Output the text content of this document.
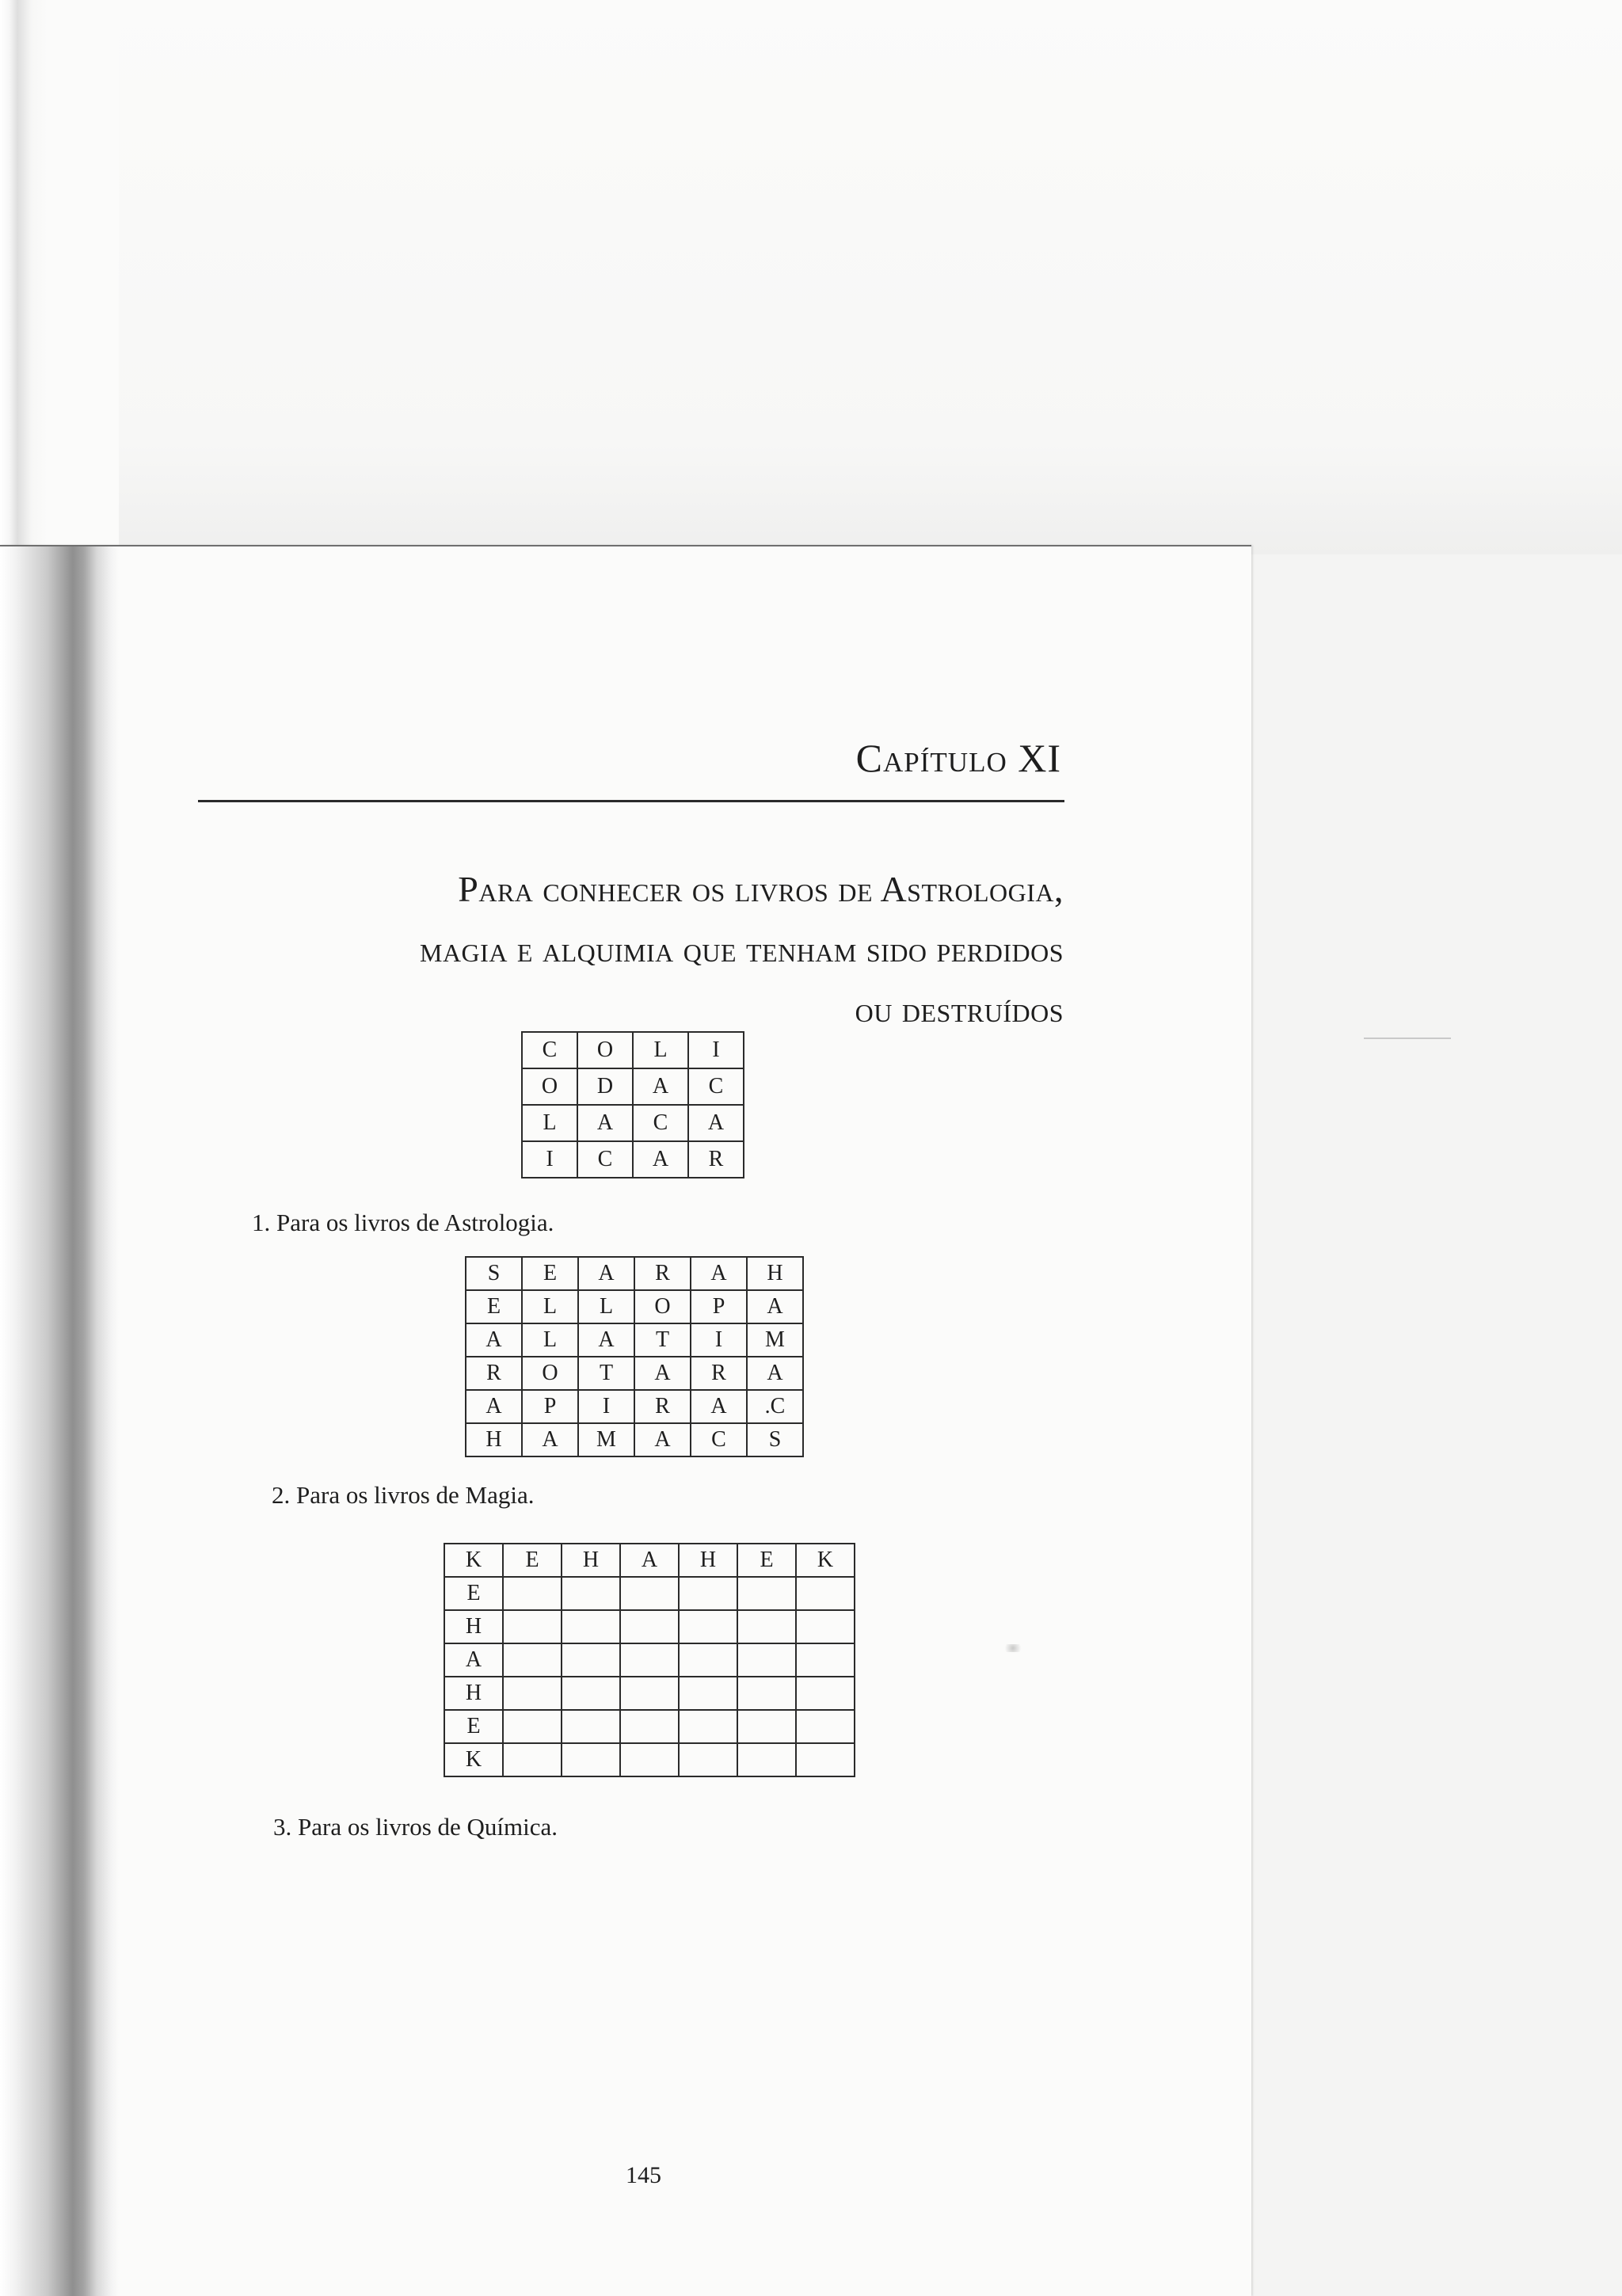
Capítulo XI
Para conhecer os livros de Astrologia,
magia e alquimia que tenham sido perdidos
ou destruídos
C	O	L	I
O	D	A	C
L	A	C	A
I	C	A	R
1. Para os livros de Astrologia.
S	E	A	R	A	H
E	L	L	O	P	A
A	L	A	T	I	M
R	O	T	A	R	A
A	P	I	R	A	.C
H	A	M	A	C	S
2. Para os livros de Magia.
K	E	H	A	H	E	K
E						
H						
A						
H						
E						
K						
3. Para os livros de Química.
145
